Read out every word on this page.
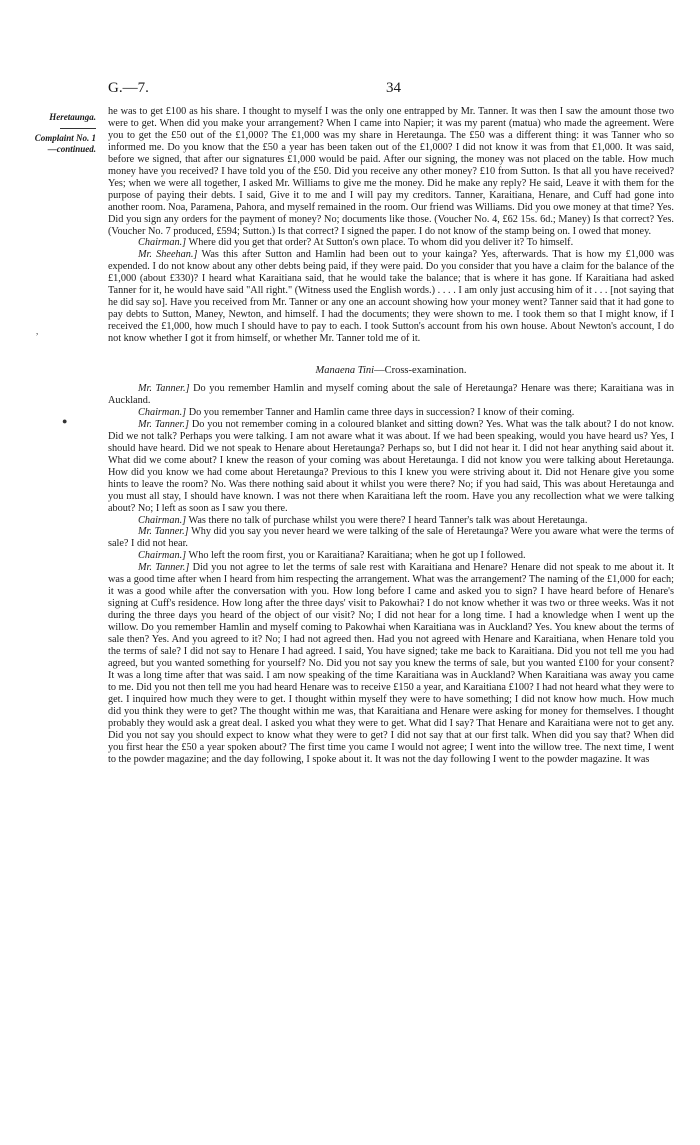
G.—7.	34
Heretaunga.
Complaint No. 1
—continued.
,
●

he was to get £100 as his share. I thought to myself I was the only one entrapped by Mr. Tanner. It was then I saw the amount those two were to get. When did you make your arrangement? When I came into Napier; it was my parent (matua) who made the agreement. Were you to get the £50 out of the £1,000? The £1,000 was my share in Heretaunga. The £50 was a different thing: it was Tanner who so informed me. Do you know that the £50 a year has been taken out of the £1,000? I did not know it was from that £1,000. It was said, before we signed, that after our signatures £1,000 would be paid. After our signing, the money was not placed on the table. How much money have you received? I have told you of the £50. Did you receive any other money? £10 from Sutton. Is that all you have received? Yes; when we were all together, I asked Mr. Williams to give me the money. Did he make any reply? He said, Leave it with them for the purpose of paying their debts. I said, Give it to me and I will pay my creditors. Tanner, Karaitiana, Henare, and Cuff had gone into another room. Noa, Paramena, Pahora, and myself remained in the room. Our friend was Williams. Did you owe money at that time? Yes. Did you sign any orders for the payment of money? No; documents like those. (Voucher No. 4, £62 15s. 6d.; Maney) Is that correct? Yes. (Voucher No. 7 produced, £594; Sutton.) Is that correct? I signed the paper. I do not know of the stamp being on. I owed that money.

Chairman.] Where did you get that order? At Sutton's own place. To whom did you deliver it? To himself.

Mr. Sheehan.] Was this after Sutton and Hamlin had been out to your kainga? Yes, afterwards. That is how my £1,000 was expended. I do not know about any other debts being paid, if they were paid. Do you consider that you have a claim for the balance of the £1,000 (about £330)? I heard what Karaitiana said, that he would take the balance; that is where it has gone. If Karaitiana had asked Tanner for it, he would have said "All right." (Witness used the English words.) . . . . I am only just accusing him of it . . . [not saying that he did say so]. Have you received from Mr. Tanner or any one an account showing how your money went? Tanner said that it had gone to pay debts to Sutton, Maney, Newton, and himself. I had the documents; they were shown to me. I took them so that I might know, if I received the £1,000, how much I should have to pay to each. I took Sutton's account from his own house. About Newton's account, I do not know whether I got it from himself, or whether Mr. Tanner told me of it.

Manaena Tini—Cross-examination.

Mr. Tanner.] Do you remember Hamlin and myself coming about the sale of Heretaunga? Henare was there; Karaitiana was in Auckland.

Chairman.] Do you remember Tanner and Hamlin came three days in succession? I know of their coming.

Mr. Tanner.] Do you not remember coming in a coloured blanket and sitting down? Yes. What was the talk about? I do not know. Did we not talk? Perhaps you were talking. I am not aware what it was about. If we had been speaking, would you have heard us? Yes, I should have heard. Did we not speak to Henare about Heretaunga? Perhaps so, but I did not hear it. I did not hear anything said about it. What did we come about? I knew the reason of your coming was about Heretaunga. I did not know you were talking about Heretaunga. How did you know we had come about Heretaunga? Previous to this I knew you were striving about it. Did not Henare give you some hints to leave the room? No. Was there nothing said about it whilst you were there? No; if you had said, This was about Heretaunga and you must all stay, I should have known. I was not there when Karaitiana left the room. Have you any recollection what we were talking about? No; I left as soon as I saw you there.

Chairman.] Was there no talk of purchase whilst you were there? I heard Tanner's talk was about Heretaunga.

Mr. Tanner.] Why did you say you never heard we were talking of the sale of Heretaunga? Were you aware what were the terms of sale? I did not hear.

Chairman.] Who left the room first, you or Karaitiana? Karaitiana; when he got up I followed.

Mr. Tanner.] Did you not agree to let the terms of sale rest with Karaitiana and Henare? Henare did not speak to me about it. It was a good time after when I heard from him respecting the arrangement. What was the arrangement? The naming of the £1,000 for each; it was a good while after the conversation with you. How long before I came and asked you to sign? I have heard before of Henare's signing at Cuff's residence. How long after the three days' visit to Pakowhai? I do not know whether it was two or three weeks. Was it not during the three days you heard of the object of our visit? No; I did not hear for a long time. I had a knowledge when I went up the willow. Do you remember Hamlin and myself coming to Pakowhai when Karaitiana was in Auckland? Yes. You knew about the terms of sale then? Yes. And you agreed to it? No; I had not agreed then. Had you not agreed with Henare and Karaitiana, when Henare told you the terms of sale? I did not say to Henare I had agreed. I said, You have signed; take me back to Karaitiana. Did you not tell me you had agreed, but you wanted something for yourself? No. Did you not say you knew the terms of sale, but you wanted £100 for your consent? It was a long time after that was said. I am now speaking of the time Karaitiana was in Auckland? When Karaitiana was away you came to me. Did you not then tell me you had heard Henare was to receive £150 a year, and Karaitiana £100? I had not heard what they were to get. I inquired how much they were to get. I thought within myself they were to have something; I did not know how much. How much did you think they were to get? The thought within me was, that Karaitiana and Henare were asking for money for themselves. I thought probably they would ask a great deal. I asked you what they were to get. What did I say? That Henare and Karaitiana were not to get any. Did you not say you should expect to know what they were to get? I did not say that at our first talk. When did you say that? When did you first hear the £50 a year spoken about? The first time you came I would not agree; I went into the willow tree. The next time, I went to the powder magazine; and the day following, I spoke about it. It was not the day following I went to the powder magazine. It was
